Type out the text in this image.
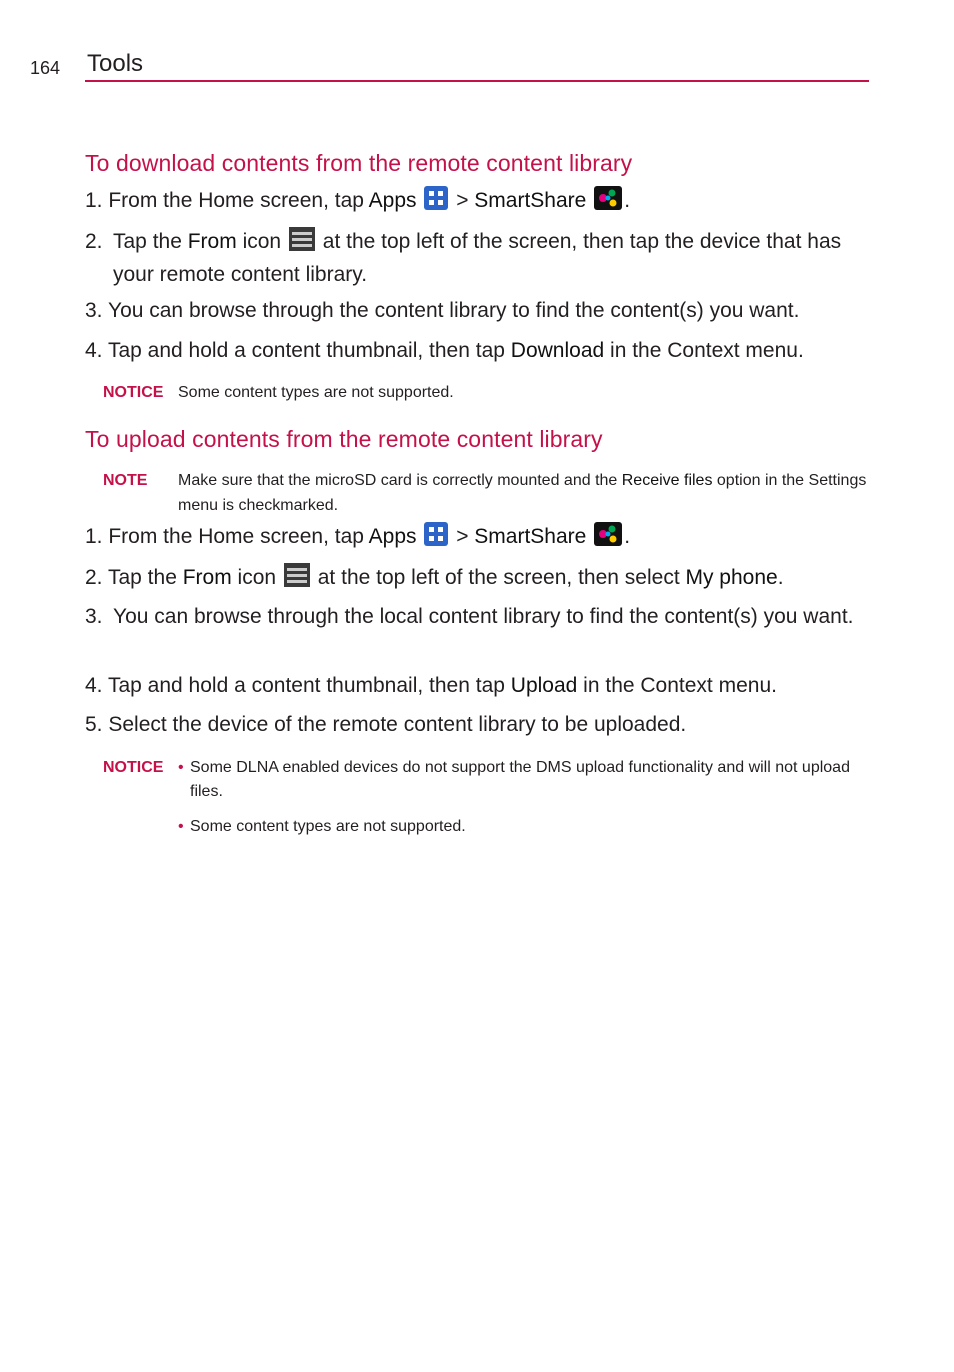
164 Tools
To download contents from the remote content library
1. From the Home screen, tap Apps  > SmartShare .
2. Tap the From icon  at the top left of the screen, then tap the device that has your remote content library.
3. You can browse through the content library to find the content(s) you want.
4. Tap and hold a content thumbnail, then tap Download in the Context menu.
NOTICE Some content types are not supported.
To upload contents from the remote content library
NOTE	Make sure that the microSD card is correctly mounted and the Receive files option in the Settings menu is checkmarked.
1. From the Home screen, tap Apps  > SmartShare .
2. Tap the From icon  at the top left of the screen, then select My phone.
3. You can browse through the local content library to find the content(s) you want.
4. Tap and hold a content thumbnail, then tap Upload in the Context menu.
5. Select the device of the remote content library to be uploaded.
NOTICE • Some DLNA enabled devices do not support the DMS upload functionality and will not upload files.
• Some content types are not supported.
